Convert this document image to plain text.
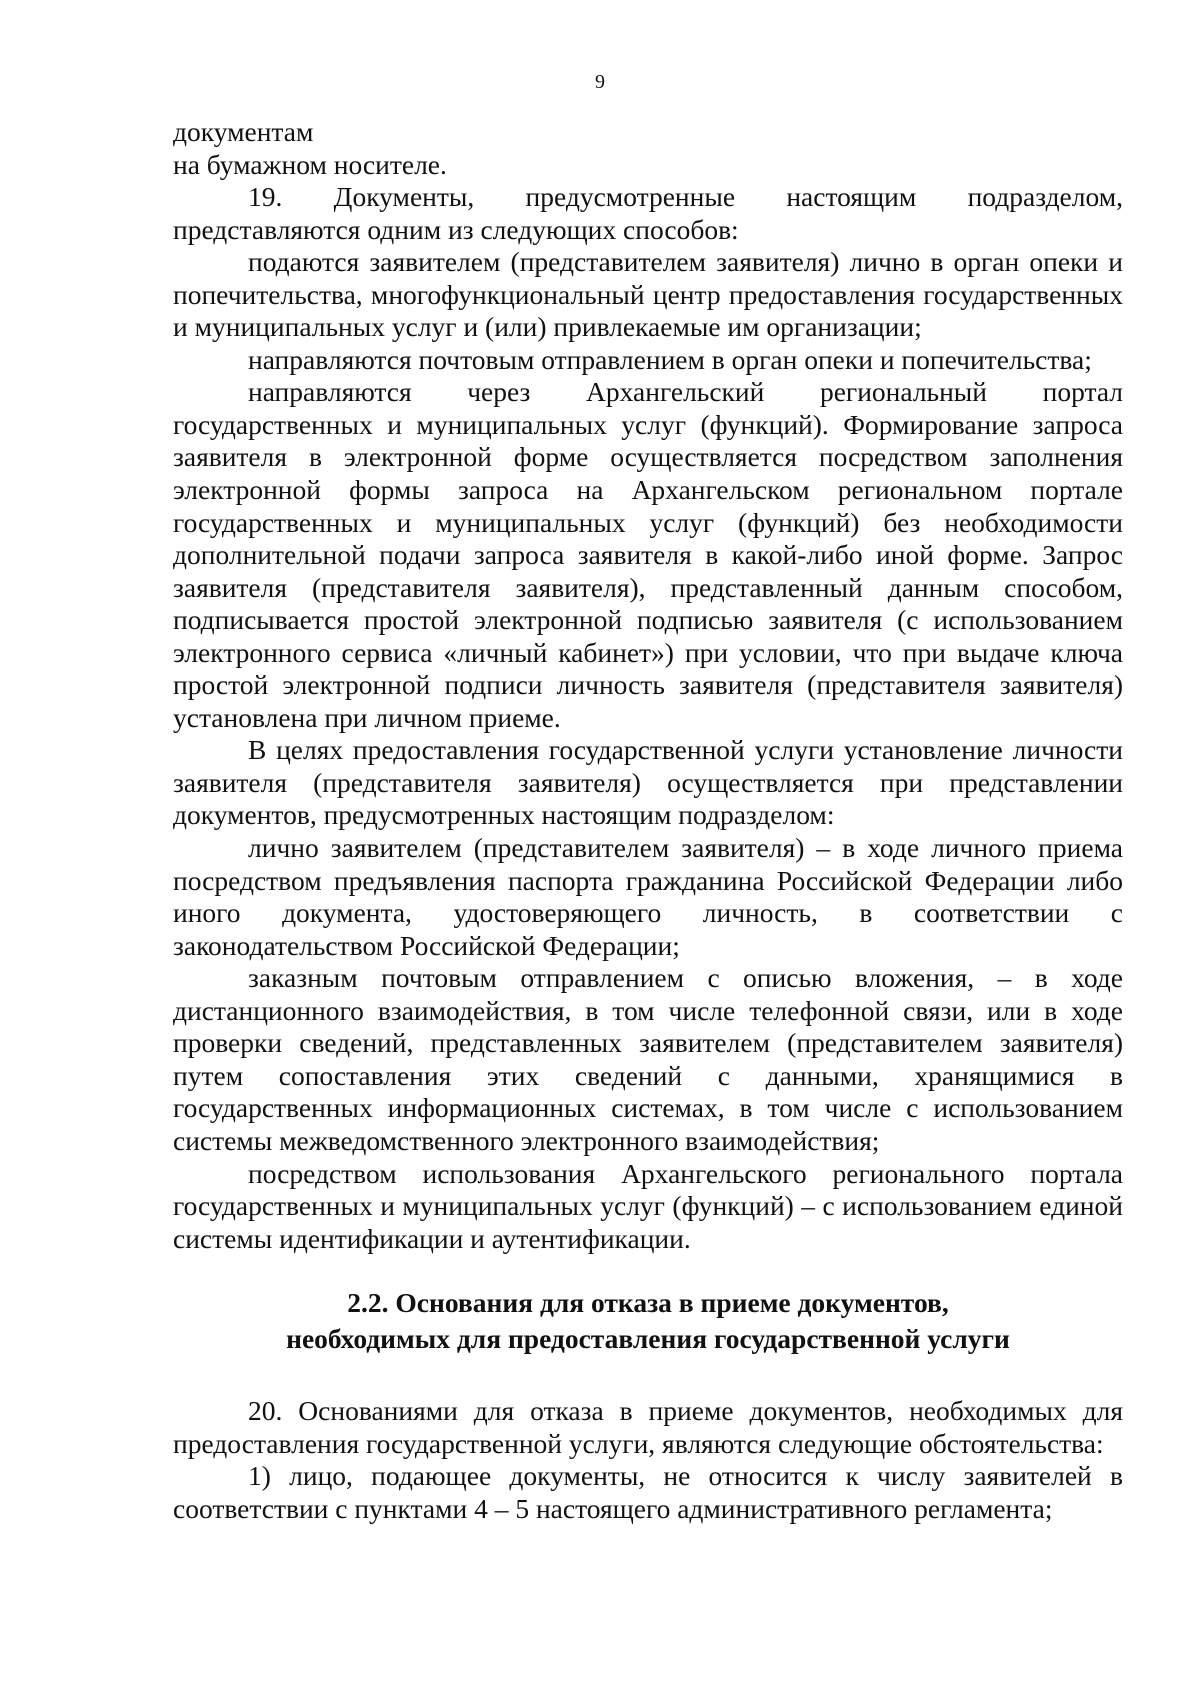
9

документам
на бумажном носителе.

19. Документы, предусмотренные настоящим подразделом, представляются одним из следующих способов:

подаются заявителем (представителем заявителя) лично в орган опеки и попечительства, многофункциональный центр предоставления государственных и муниципальных услуг и (или) привлекаемые им организации;

направляются почтовым отправлением в орган опеки и попечительства;

направляются через Архангельский региональный портал государственных и муниципальных услуг (функций). Формирование запроса заявителя в электронной форме осуществляется посредством заполнения электронной формы запроса на Архангельском региональном портале государственных и муниципальных услуг (функций) без необходимости дополнительной подачи запроса заявителя в какой-либо иной форме. Запрос заявителя (представителя заявителя), представленный данным способом, подписывается простой электронной подписью заявителя (с использованием электронного сервиса «личный кабинет») при условии, что при выдаче ключа простой электронной подписи личность заявителя (представителя заявителя) установлена при личном приеме.

В целях предоставления государственной услуги установление личности заявителя (представителя заявителя) осуществляется при представлении документов, предусмотренных настоящим подразделом:

лично заявителем (представителем заявителя) – в ходе личного приема посредством предъявления паспорта гражданина Российской Федерации либо иного документа, удостоверяющего личность, в соответствии с законодательством Российской Федерации;

заказным почтовым отправлением с описью вложения, – в ходе дистанционного взаимодействия, в том числе телефонной связи, или в ходе проверки сведений, представленных заявителем (представителем заявителя) путем сопоставления этих сведений с данными, хранящимися в государственных информационных системах, в том числе с использованием системы межведомственного электронного взаимодействия;

посредством использования Архангельского регионального портала государственных и муниципальных услуг (функций) – с использованием единой системы идентификации и аутентификации.

2.2. Основания для отказа в приеме документов,
необходимых для предоставления государственной услуги

20. Основаниями для отказа в приеме документов, необходимых для предоставления государственной услуги, являются следующие обстоятельства:

1) лицо, подающее документы, не относится к числу заявителей в соответствии с пунктами 4 – 5 настоящего административного регламента;
